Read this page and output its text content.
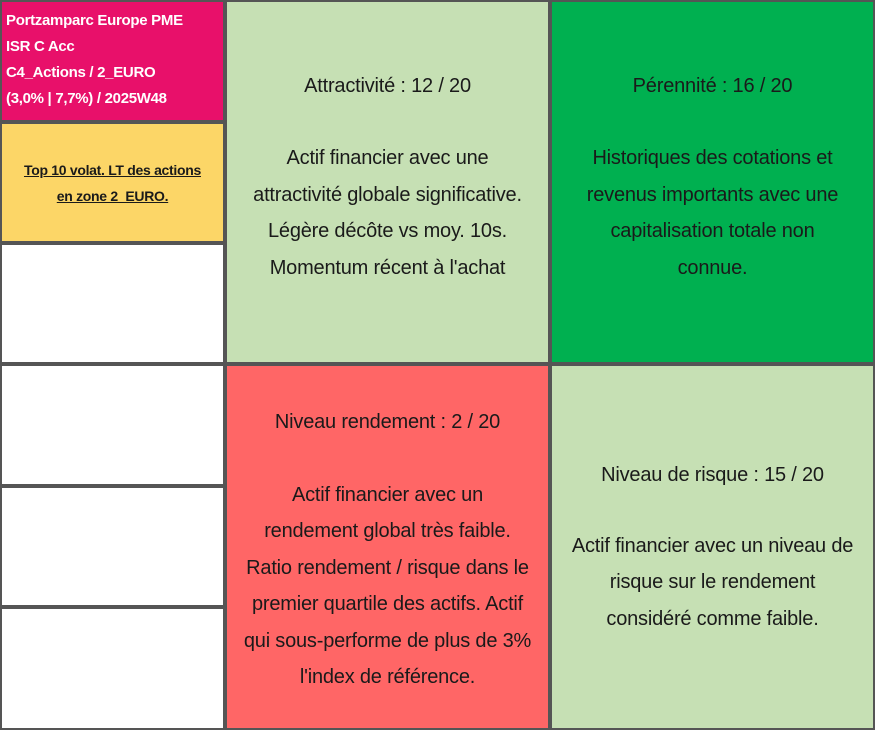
Portzamparc Europe PME
ISR C Acc
C4_Actions / 2_EURO
(3,0% | 7,7%) / 2025W48
Top 10 volat. LT des actions
en zone 2_EURO.
Attractivité : 12 / 20
Actif financier avec une
attractivité globale significative.
Légère décôte vs moy. 10s.
Momentum récent à l'achat
Pérennité : 16 / 20
Historiques des cotations et
revenus importants avec une
capitalisation totale non
connue.
Niveau rendement : 2 / 20
Actif financier avec un
rendement global très faible.
Ratio rendement / risque dans le
premier quartile des actifs. Actif
qui sous-performe de plus de 3%
l'index de référence.
Niveau de risque : 15 / 20
Actif financier avec un niveau de
risque sur le rendement
considéré comme faible.
